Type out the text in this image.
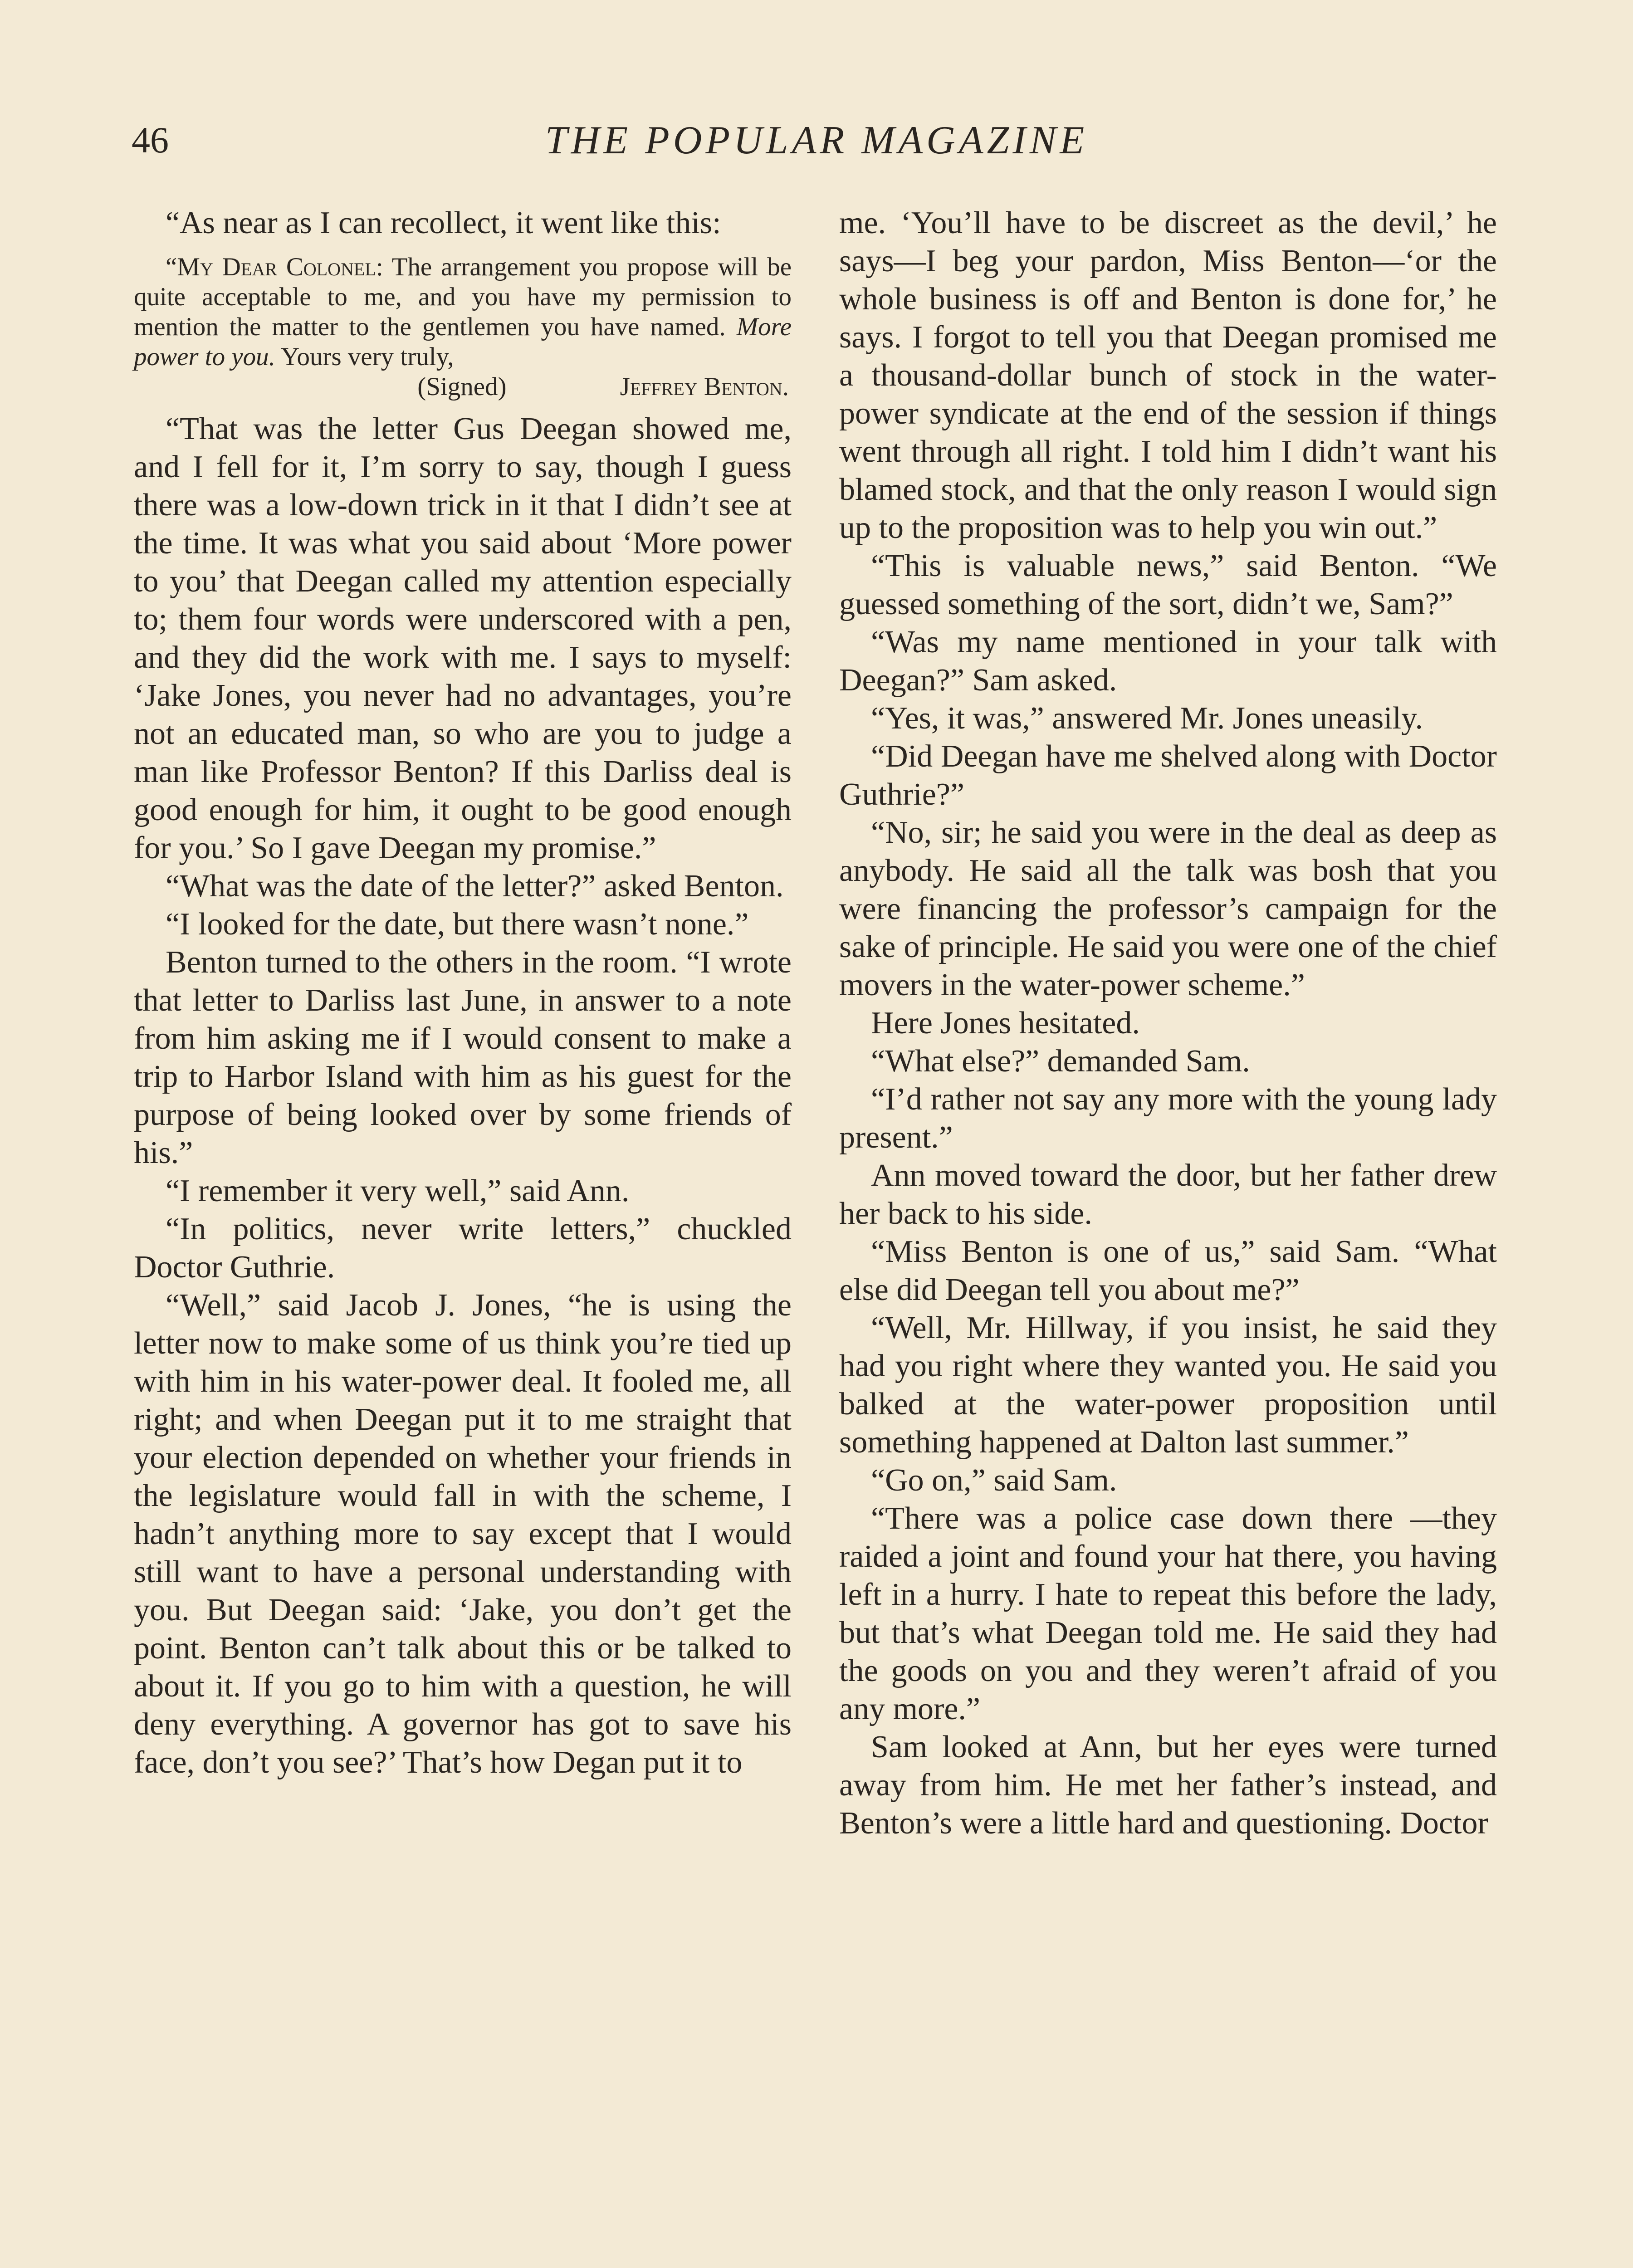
46	THE POPULAR MAGAZINE

“As near as I can recollect, it went like this:

“My Dear Colonel: The arrangement you propose will be quite acceptable to me, and you have my permission to mention the matter to the gentlemen you have named. More power to you. Yours very truly,

(Signed)	Jeffrey Benton.

“That was the letter Gus Deegan showed me, and I fell for it, I’m sorry to say, though I guess there was a low-down trick in it that I didn’t see at the time. It was what you said about ‘More power to you’ that Deegan called my attention especially to; them four words were underscored with a pen, and they did the work with me. I says to myself: ‘Jake Jones, you never had no advantages, you’re not an educated man, so who are you to judge a man like Professor Benton? If this Darliss deal is good enough for him, it ought to be good enough for you.’ So I gave Deegan my promise.”

“What was the date of the letter?” asked Benton.

“I looked for the date, but there wasn’t none.”

Benton turned to the others in the room. “I wrote that letter to Darliss last June, in answer to a note from him asking me if I would consent to make a trip to Harbor Island with him as his guest for the purpose of being looked over by some friends of his.”

“I remember it very well,” said Ann.

“In politics, never write letters,” chuckled Doctor Guthrie.

“Well,” said Jacob J. Jones, “he is using the letter now to make some of us think you’re tied up with him in his water-power deal. It fooled me, all right; and when Deegan put it to me straight that your election depended on whether your friends in the legislature would fall in with the scheme, I hadn’t anything more to say except that I would still want to have a personal understanding with you. But Deegan said: ‘Jake, you don’t get the point. Benton can’t talk about this or be talked to about it. If you go to him with a question, he will deny everything. A governor has got to save his face, don’t you see?’ That’s how Degan put it to

me. ‘You’ll have to be discreet as the devil,’ he says—I beg your pardon, Miss Benton—‘or the whole business is off and Benton is done for,’ he says. I forgot to tell you that Deegan promised me a thousand-dollar bunch of stock in the water-power syndicate at the end of the session if things went through all right. I told him I didn’t want his blamed stock, and that the only reason I would sign up to the proposition was to help you win out.”

“This is valuable news,” said Benton. “We guessed something of the sort, didn’t we, Sam?”

“Was my name mentioned in your talk with Deegan?” Sam asked.

“Yes, it was,” answered Mr. Jones uneasily.

“Did Deegan have me shelved along with Doctor Guthrie?”

“No, sir; he said you were in the deal as deep as anybody. He said all the talk was bosh that you were financing the professor’s campaign for the sake of principle. He said you were one of the chief movers in the water-power scheme.”

Here Jones hesitated.

“What else?” demanded Sam.

“I’d rather not say any more with the young lady present.”

Ann moved toward the door, but her father drew her back to his side.

“Miss Benton is one of us,” said Sam. “What else did Deegan tell you about me?”

“Well, Mr. Hillway, if you insist, he said they had you right where they wanted you. He said you balked at the water-power proposition until something happened at Dalton last summer.”

“Go on,” said Sam.

“There was a police case down there —they raided a joint and found your hat there, you having left in a hurry. I hate to repeat this before the lady, but that’s what Deegan told me. He said they had the goods on you and they weren’t afraid of you any more.”

Sam looked at Ann, but her eyes were turned away from him. He met her father’s instead, and Benton’s were a little hard and questioning. Doctor
